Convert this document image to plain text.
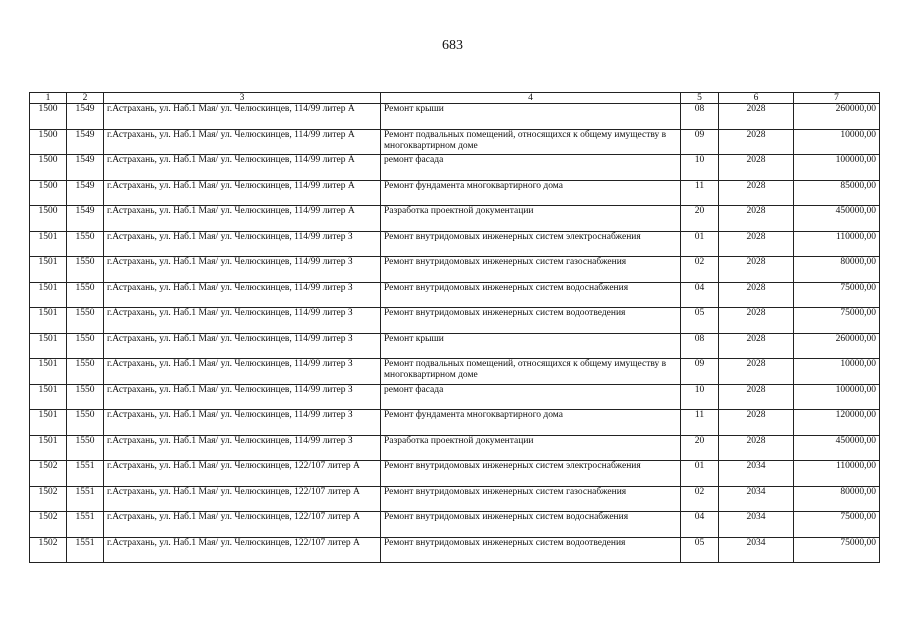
683
1	2	3	4	5	6	7
1500	1549	г.Астрахань, ул. Наб.1 Мая/ ул. Челюскинцев, 114/99 литер А	Ремонт крыши	08	2028	260000,00
1500	1549	г.Астрахань, ул. Наб.1 Мая/ ул. Челюскинцев, 114/99 литер А	Ремонт подвальных помещений, относящихся к общему имуществу в многоквартирном доме	09	2028	10000,00
1500	1549	г.Астрахань, ул. Наб.1 Мая/ ул. Челюскинцев, 114/99 литер А	ремонт фасада	10	2028	100000,00
1500	1549	г.Астрахань, ул. Наб.1 Мая/ ул. Челюскинцев, 114/99 литер А	Ремонт фундамента многоквартирного дома	11	2028	85000,00
1500	1549	г.Астрахань, ул. Наб.1 Мая/ ул. Челюскинцев, 114/99 литер А	Разработка проектной документации	20	2028	450000,00
1501	1550	г.Астрахань, ул. Наб.1 Мая/ ул. Челюскинцев, 114/99 литер З	Ремонт внутридомовых инженерных систем электроснабжения	01	2028	110000,00
1501	1550	г.Астрахань, ул. Наб.1 Мая/ ул. Челюскинцев, 114/99 литер З	Ремонт внутридомовых инженерных систем газоснабжения	02	2028	80000,00
1501	1550	г.Астрахань, ул. Наб.1 Мая/ ул. Челюскинцев, 114/99 литер З	Ремонт внутридомовых инженерных систем водоснабжения	04	2028	75000,00
1501	1550	г.Астрахань, ул. Наб.1 Мая/ ул. Челюскинцев, 114/99 литер З	Ремонт внутридомовых инженерных систем водоотведения	05	2028	75000,00
1501	1550	г.Астрахань, ул. Наб.1 Мая/ ул. Челюскинцев, 114/99 литер З	Ремонт крыши	08	2028	260000,00
1501	1550	г.Астрахань, ул. Наб.1 Мая/ ул. Челюскинцев, 114/99 литер З	Ремонт подвальных помещений, относящихся к общему имуществу в многоквартирном доме	09	2028	10000,00
1501	1550	г.Астрахань, ул. Наб.1 Мая/ ул. Челюскинцев, 114/99 литер З	ремонт фасада	10	2028	100000,00
1501	1550	г.Астрахань, ул. Наб.1 Мая/ ул. Челюскинцев, 114/99 литер З	Ремонт фундамента многоквартирного дома	11	2028	120000,00
1501	1550	г.Астрахань, ул. Наб.1 Мая/ ул. Челюскинцев, 114/99 литер З	Разработка проектной документации	20	2028	450000,00
1502	1551	г.Астрахань, ул. Наб.1 Мая/ ул. Челюскинцев, 122/107 литер А	Ремонт внутридомовых инженерных систем электроснабжения	01	2034	110000,00
1502	1551	г.Астрахань, ул. Наб.1 Мая/ ул. Челюскинцев, 122/107 литер А	Ремонт внутридомовых инженерных систем газоснабжения	02	2034	80000,00
1502	1551	г.Астрахань, ул. Наб.1 Мая/ ул. Челюскинцев, 122/107 литер А	Ремонт внутридомовых инженерных систем водоснабжения	04	2034	75000,00
1502	1551	г.Астрахань, ул. Наб.1 Мая/ ул. Челюскинцев, 122/107 литер А	Ремонт внутридомовых инженерных систем водоотведения	05	2034	75000,00
